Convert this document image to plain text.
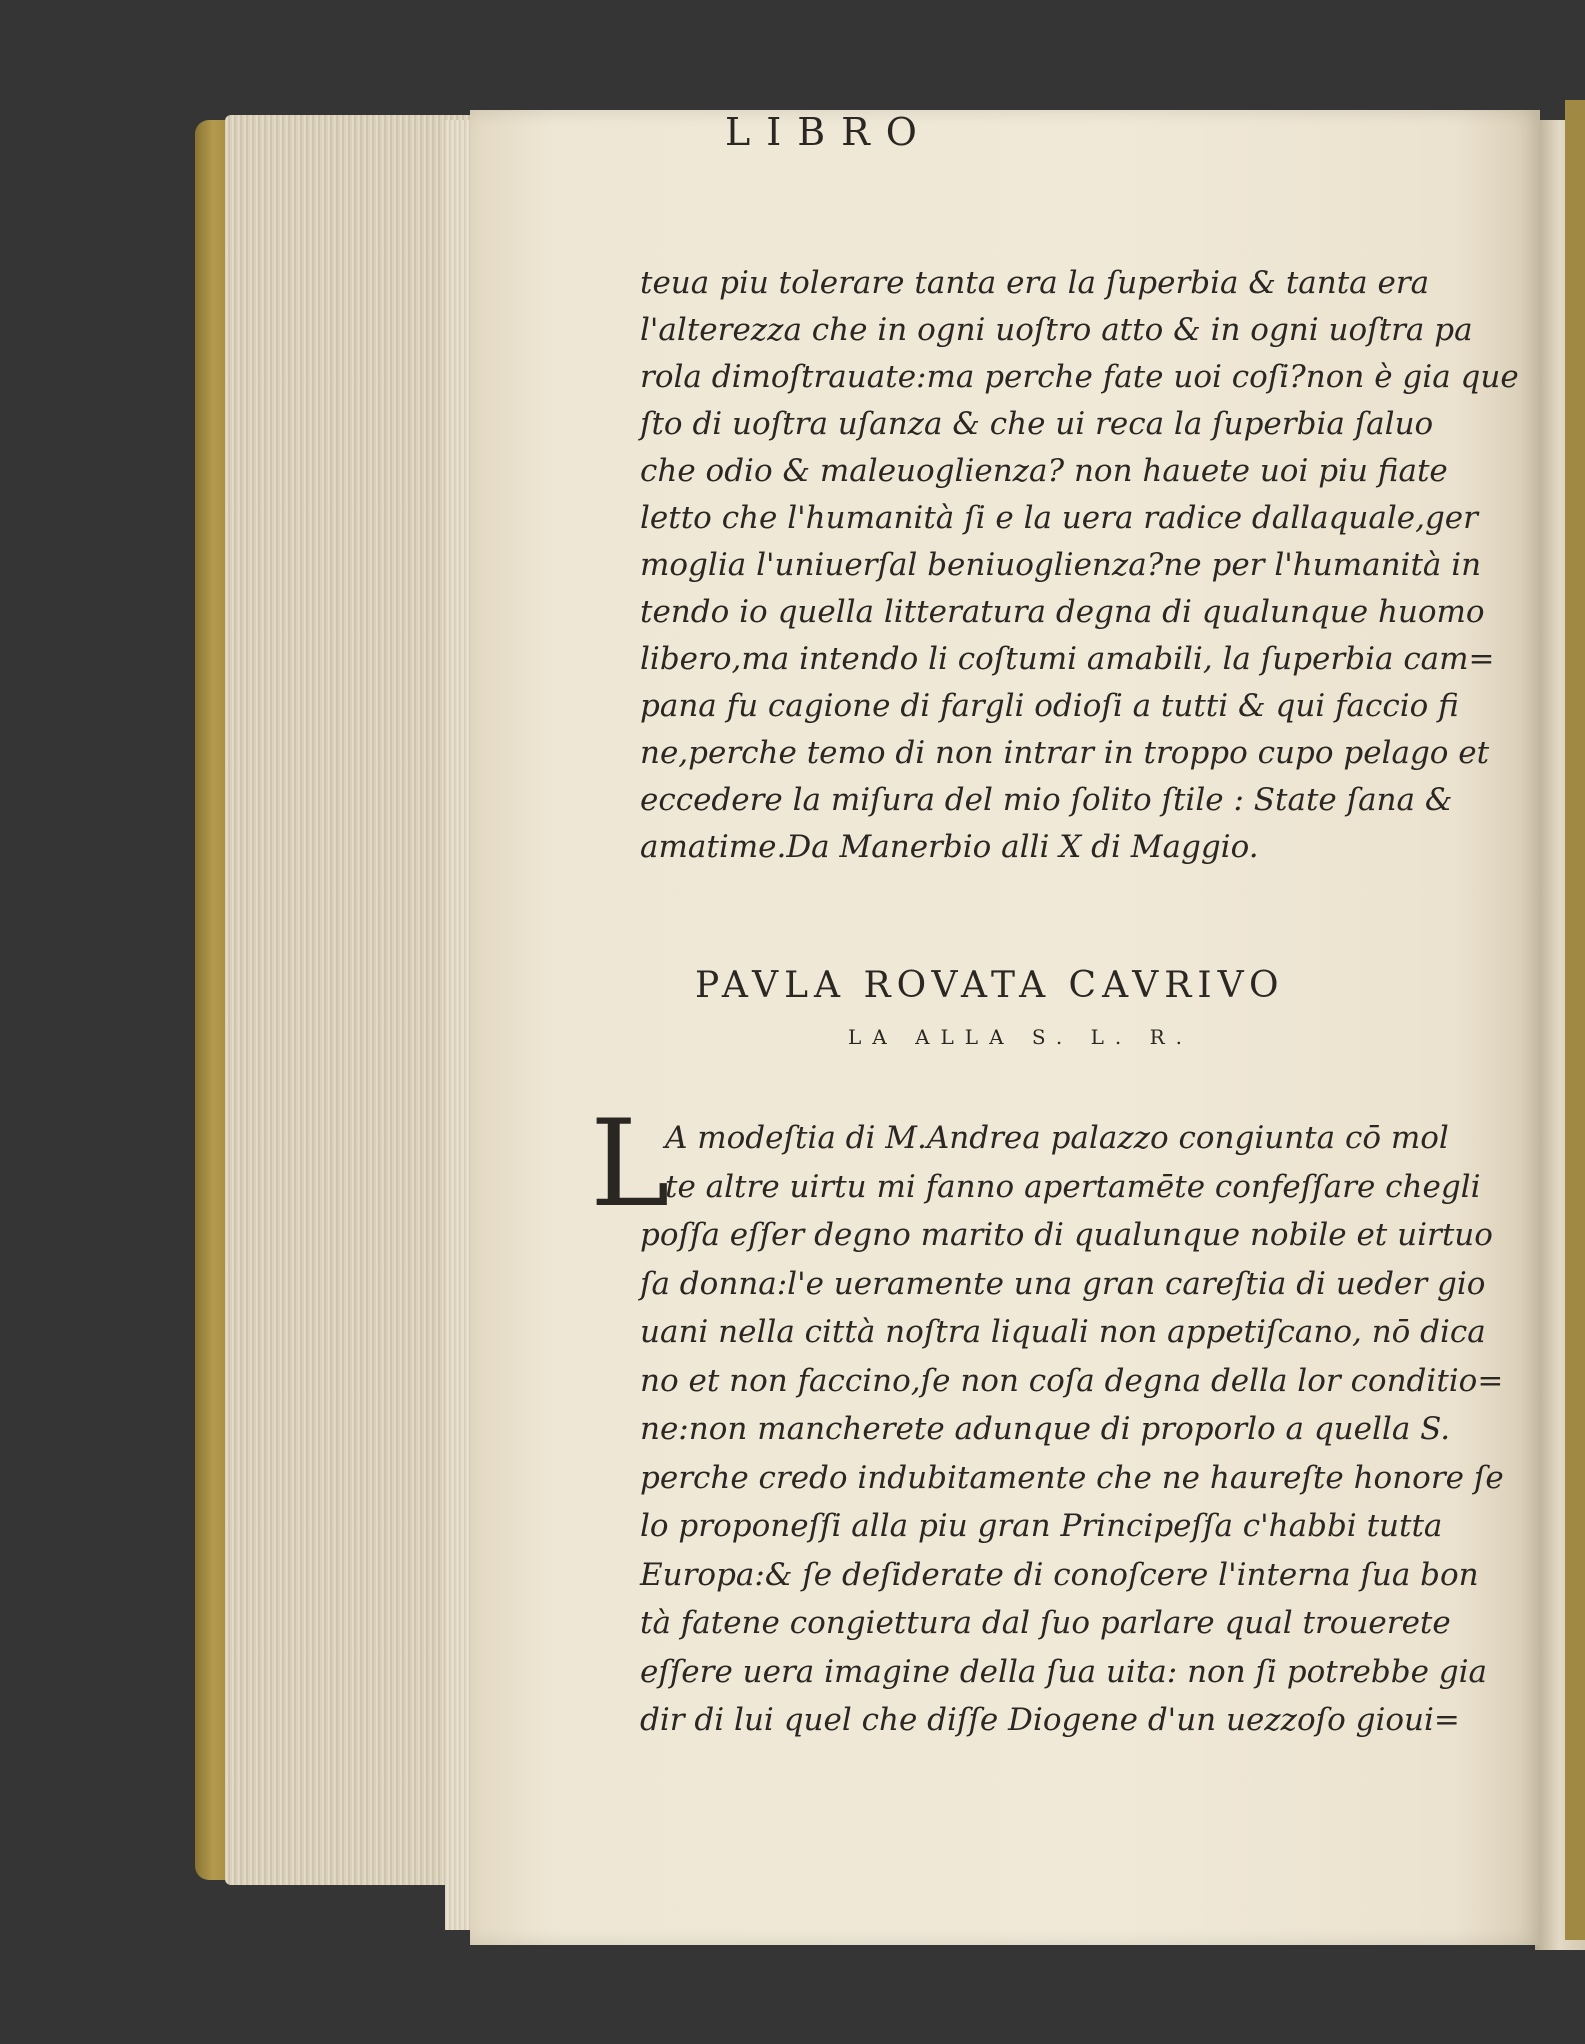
LIBRO
teua piu tolerare tanta era la ſuperbia & tanta era
l'alterezza che in ogni uoſtro atto & in ogni uoſtra pa
rola dimoſtrauate:ma perche fate uoi coſi?non è gia que
ſto di uoſtra uſanza & che ui reca la ſuperbia ſaluo
che odio & maleuoglienza? non hauete uoi piu fiate
letto che l'humanità ſi e la uera radice dallaquale,ger
moglia l'uniuerſal beniuoglienza?ne per l'humanità in
tendo io quella litteratura degna di qualunque huomo
libero,ma intendo li coſtumi amabili, la ſuperbia cam=
pana fu cagione di fargli odioſi a tutti & qui faccio fi
ne,perche temo di non intrar in troppo cupo pelago et
eccedere la miſura del mio ſolito ſtile : State ſana &
amatime.Da Manerbio alli X di Maggio.
PAVLA ROVATA CAVRIVO
LA ALLA S. L. R.
L
A modeſtia di M.Andrea palazzo congiunta cō mol
te altre uirtu mi fanno apertamēte confeſſare chegli
poſſa eſſer degno marito di qualunque nobile et uirtuo
ſa donna:l'e ueramente una gran careſtia di ueder gio
uani nella città noſtra liquali non appetiſcano, nō dica
no et non faccino,ſe non coſa degna della lor conditio=
ne:non mancherete adunque di proporlo a quella S.
perche credo indubitamente che ne haureſte honore ſe
lo proponeſſi alla piu gran Principeſſa c'habbi tutta
Europa:& ſe deſiderate di conoſcere l'interna ſua bon
tà fatene congiettura dal ſuo parlare qual trouerete
eſſere uera imagine della ſua uita: non ſi potrebbe gia
dir di lui quel che diſſe Diogene d'un uezzoſo gioui=
